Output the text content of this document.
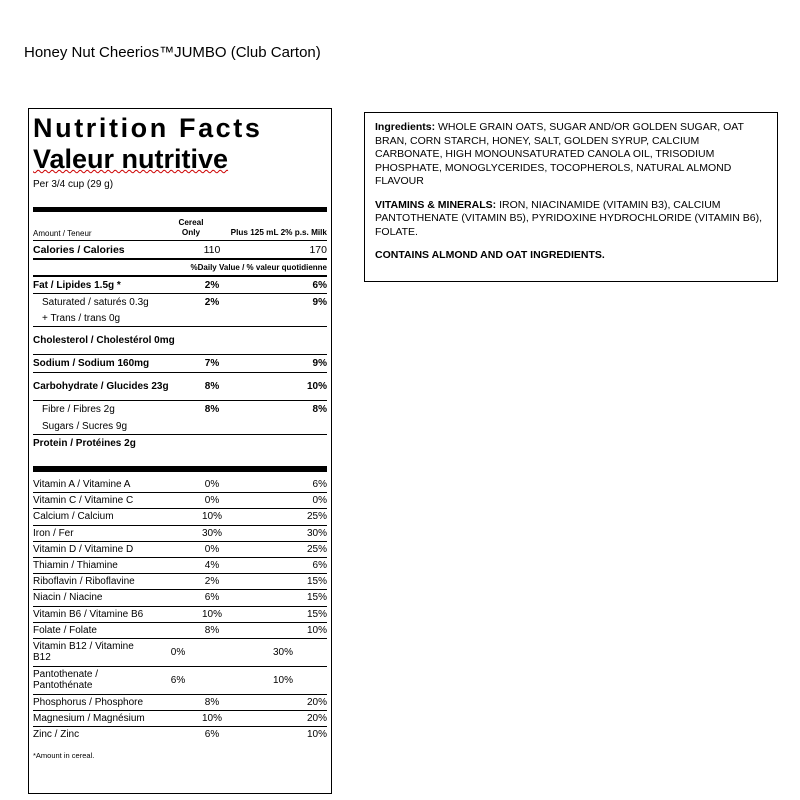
Honey Nut Cheerios™JUMBO (Club Carton)
Nutrition Facts
Valeur nutritive
Per 3/4 cup (29 g)
Amount / Teneur
Cereal Only	Plus 125 mL 2% p.s. Milk
Calories / Calories	110	170
%Daily Value / % valeur quotidienne
Fat / Lipides 1.5g *	2%	6%
Saturated / saturés 0.3g	2%	9%
+ Trans / trans 0g
Cholesterol / Cholestérol 0mg
Sodium / Sodium 160mg	7%	9%
Carbohydrate / Glucides 23g	8%	10%
Fibre / Fibres 2g	8%	8%
Sugars / Sucres 9g
Protein / Protéines 2g
Vitamin A / Vitamine A	0%	6%
Vitamin C / Vitamine C	0%	0%
Calcium / Calcium	10%	25%
Iron / Fer	30%	30%
Vitamin D / Vitamine D	0%	25%
Thiamin / Thiamine	4%	6%
Riboflavin / Riboflavine	2%	15%
Niacin / Niacine	6%	15%
Vitamin B6 / Vitamine B6	10%	15%
Folate / Folate	8%	10%
Vitamin B12 / Vitamine B12	0%	30%
Pantothenate / Pantothénate	6%	10%
Phosphorus / Phosphore	8%	20%
Magnesium / Magnésium	10%	20%
Zinc / Zinc	6%	10%
*Amount in cereal.

Ingredients: WHOLE GRAIN OATS, SUGAR AND/OR GOLDEN SUGAR, OAT BRAN, CORN STARCH, HONEY, SALT, GOLDEN SYRUP, CALCIUM CARBONATE, HIGH MONOUNSATURATED CANOLA OIL, TRISODIUM PHOSPHATE, MONOGLYCERIDES, TOCOPHEROLS, NATURAL ALMOND FLAVOUR

VITAMINS & MINERALS: IRON, NIACINAMIDE (VITAMIN B3), CALCIUM PANTOTHENATE (VITAMIN B5), PYRIDOXINE HYDROCHLORIDE (VITAMIN B6), FOLATE.

CONTAINS ALMOND AND OAT INGREDIENTS.
